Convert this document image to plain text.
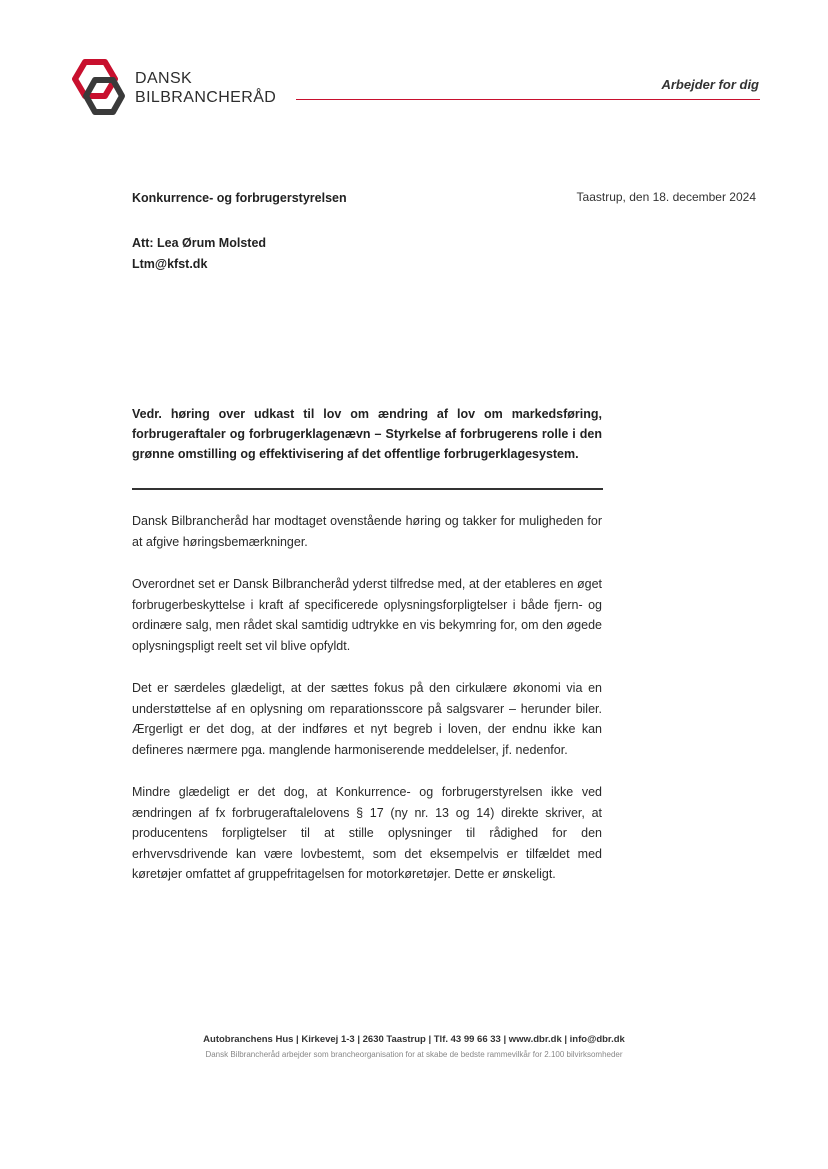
DANSK
BILBRANCHERÅD
Arbejder for dig
Konkurrence- og forbrugerstyrelsen	Taastrup, den 18. december 2024
Att: Lea Ørum Molsted
Ltm@kfst.dk
Vedr. høring over udkast til lov om ændring af lov om markedsføring, forbrugeraftaler og forbrugerklagenævn – Styrkelse af forbrugerens rolle i den grønne omstilling og effektivisering af det offentlige forbrugerklagesystem.

Dansk Bilbrancheråd har modtaget ovenstående høring og takker for muligheden for at afgive høringsbemærkninger.

Overordnet set er Dansk Bilbrancheråd yderst tilfredse med, at der etableres en øget forbrugerbeskyttelse i kraft af specificerede oplysningsforpligtelser i både fjern- og ordinære salg, men rådet skal samtidig udtrykke en vis bekymring for, om den øgede oplysningspligt reelt set vil blive opfyldt.

Det er særdeles glædeligt, at der sættes fokus på den cirkulære økonomi via en understøttelse af en oplysning om reparationsscore på salgsvarer – herunder biler. Ærgerligt er det dog, at der indføres et nyt begreb i loven, der endnu ikke kan defineres nærmere pga. manglende harmoniserende meddelelser, jf. nedenfor.

Mindre glædeligt er det dog, at Konkurrence- og forbrugerstyrelsen ikke ved ændringen af fx forbrugeraftalelovens § 17 (ny nr. 13 og 14) direkte skriver, at producentens forpligtelser til at stille oplysninger til rådighed for den erhvervsdrivende kan være lovbestemt, som det eksempelvis er tilfældet med køretøjer omfattet af gruppefritagelsen for motorkøretøjer. Dette er ønskeligt.

Autobranchens Hus | Kirkevej 1-3 | 2630 Taastrup | Tlf. 43 99 66 33 | www.dbr.dk | info@dbr.dk
Dansk Bilbrancheråd arbejder som brancheorganisation for at skabe de bedste rammevilkår for 2.100 bilvirksomheder
